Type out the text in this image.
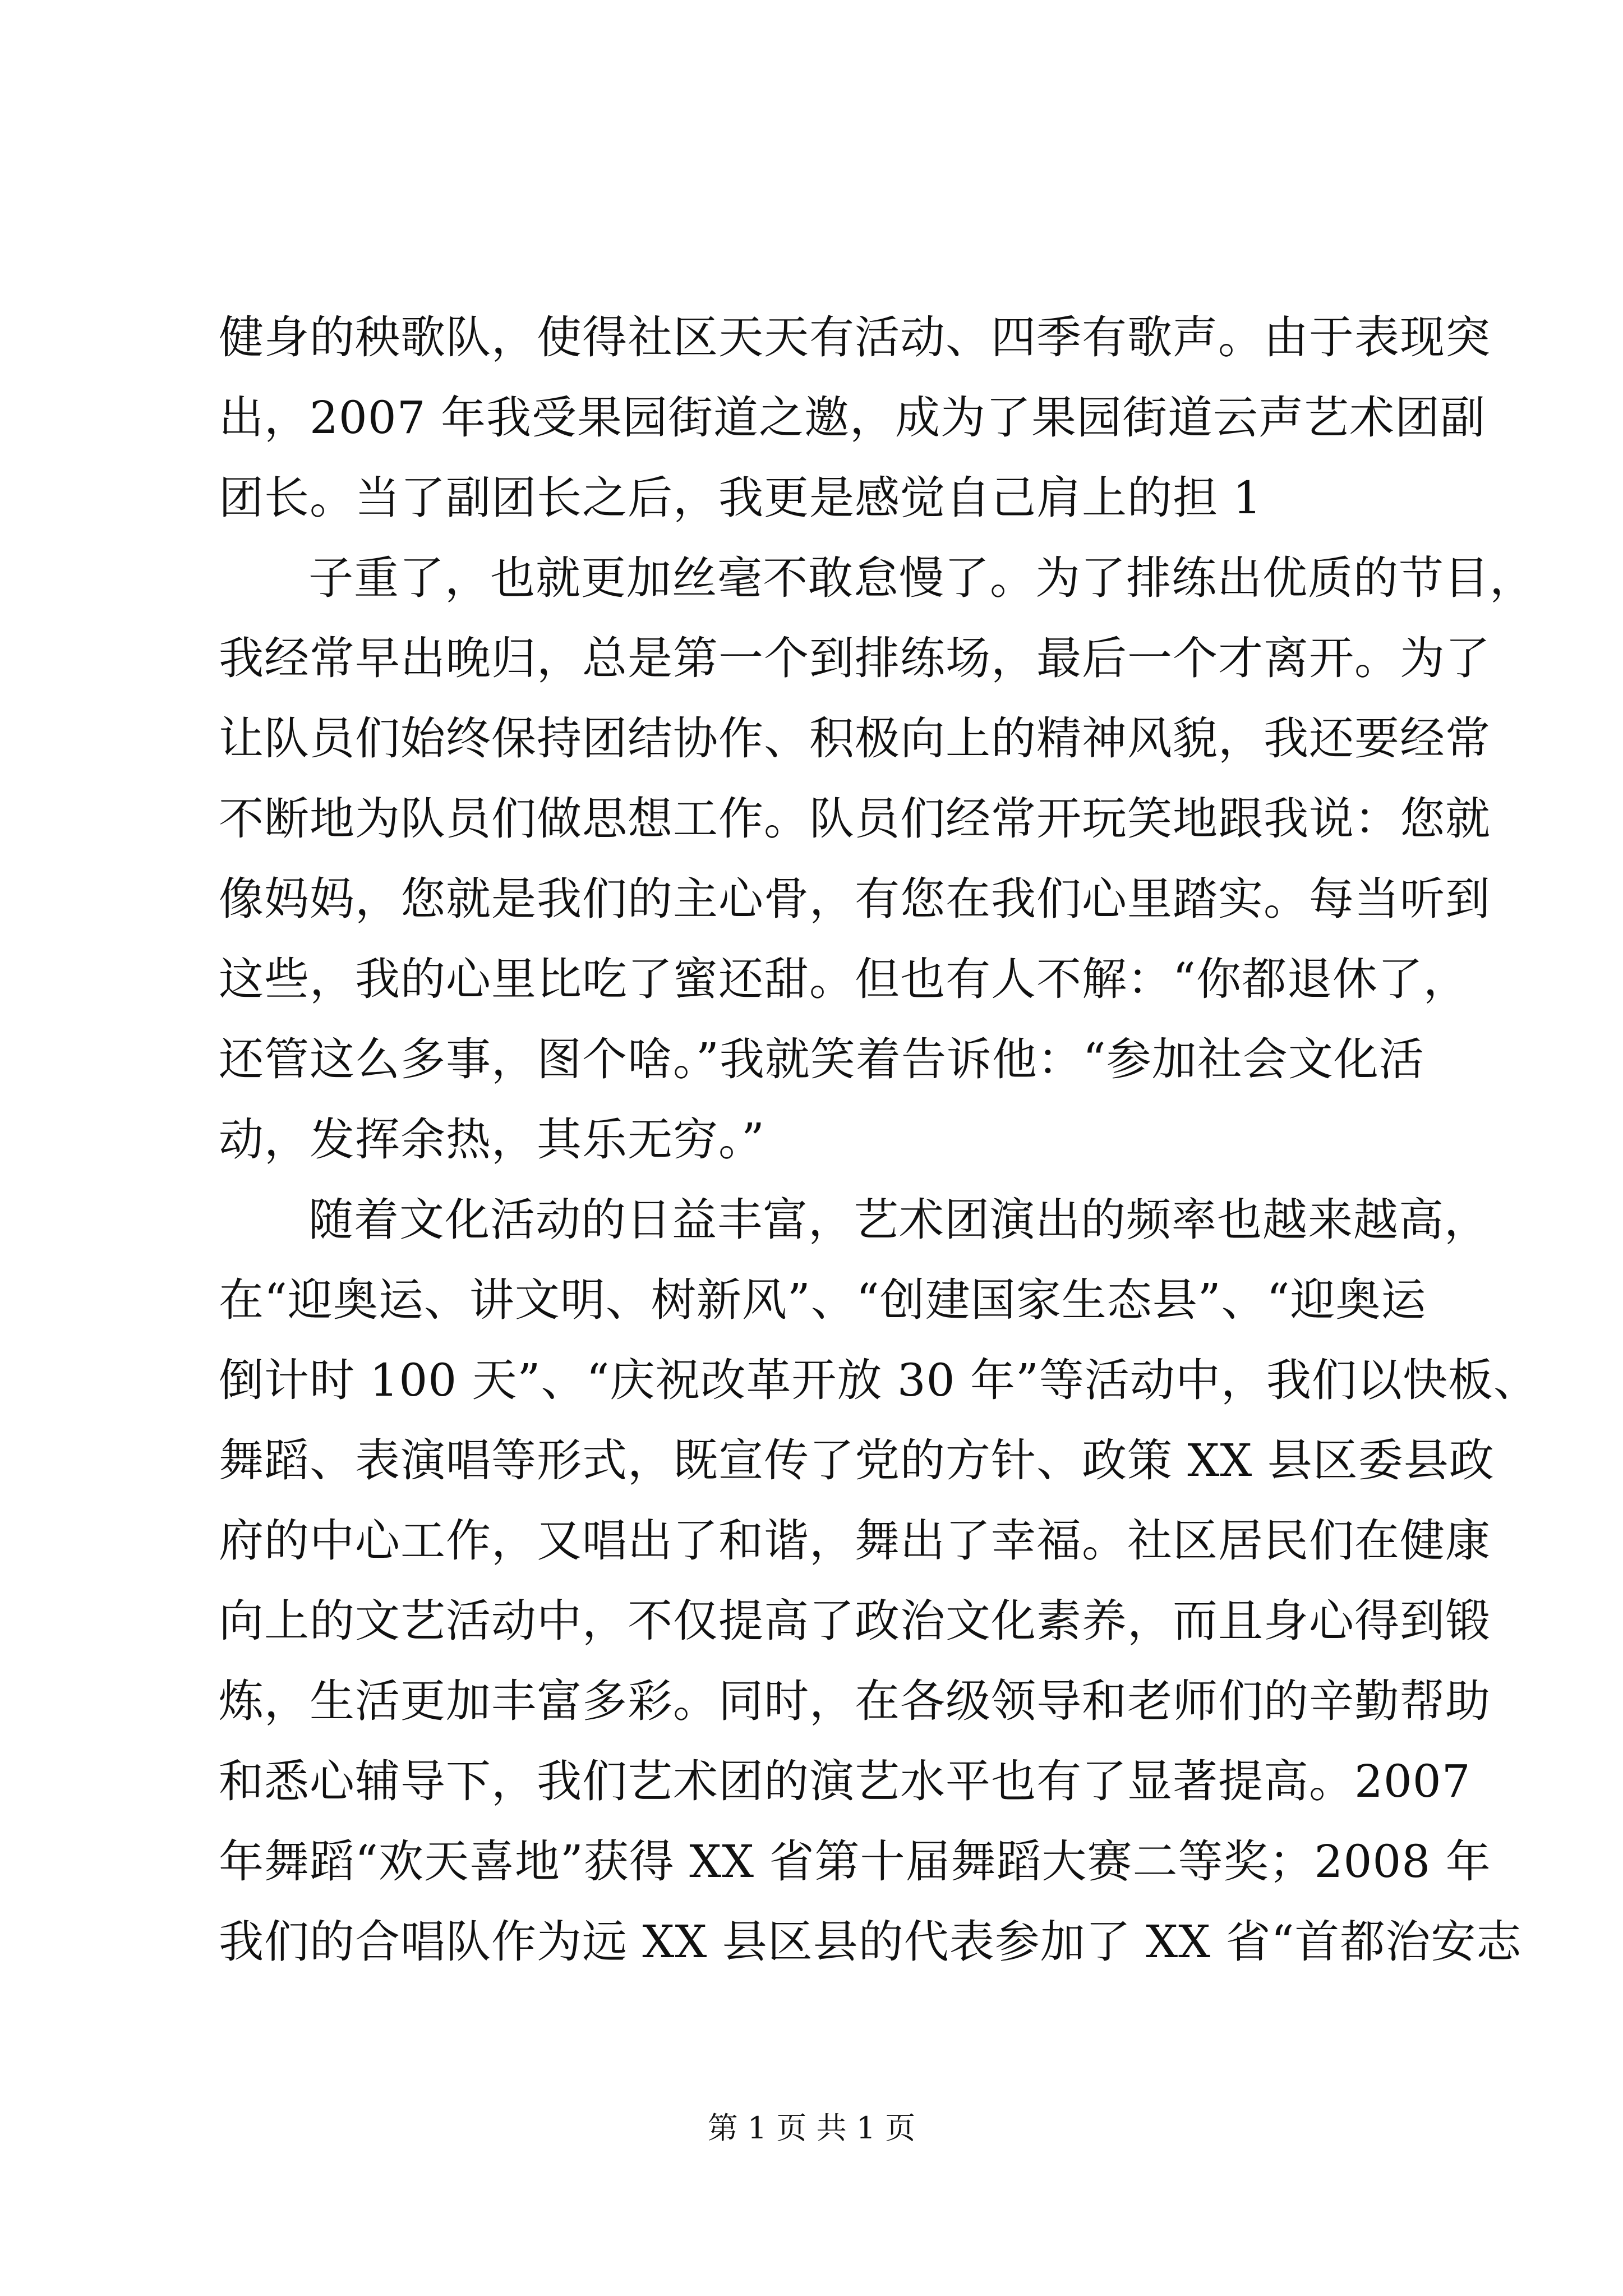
健身的秧歌队，使得社区天天有活动、四季有歌声。由于表现突
出，2007 年我受果园街道之邀，成为了果园街道云声艺术团副
团长。当了副团长之后，我更是感觉自己肩上的担 1
子重了，也就更加丝毫不敢怠慢了。为了排练出优质的节目，
我经常早出晚归，总是第一个到排练场，最后一个才离开。为了
让队员们始终保持团结协作、积极向上的精神风貌，我还要经常
不断地为队员们做思想工作。队员们经常开玩笑地跟我说：您就
像妈妈，您就是我们的主心骨，有您在我们心里踏实。每当听到
这些，我的心里比吃了蜜还甜。但也有人不解：“你都退休了，
还管这么多事，图个啥。”我就笑着告诉他：“参加社会文化活
动，发挥余热，其乐无穷。”
随着文化活动的日益丰富，艺术团演出的频率也越来越高，
在“迎奥运、讲文明、树新风”、“创建国家生态县”、“迎奥运
倒计时 100 天”、“庆祝改革开放 30 年”等活动中，我们以快板、
舞蹈、表演唱等形式，既宣传了党的方针、政策 XX 县区委县政
府的中心工作，又唱出了和谐，舞出了幸福。社区居民们在健康
向上的文艺活动中，不仅提高了政治文化素养，而且身心得到锻
炼，生活更加丰富多彩。同时，在各级领导和老师们的辛勤帮助
和悉心辅导下，我们艺术团的演艺水平也有了显著提高。2007
年舞蹈“欢天喜地”获得 XX 省第十届舞蹈大赛二等奖；2008 年
我们的合唱队作为远 XX 县区县的代表参加了 XX 省“首都治安志
第 1 页 共 1 页
